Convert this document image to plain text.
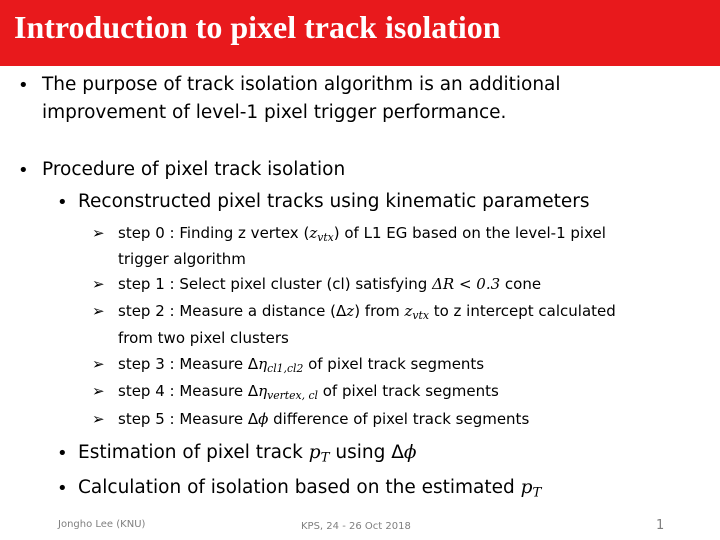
Introduction to pixel track isolation
• The purpose of track isolation algorithm is an additional
improvement of level-1 pixel trigger performance.
• Procedure of pixel track isolation
• Reconstructed pixel tracks using kinematic parameters
➢ step 0 : Finding z vertex $(z_{vtx})$ of L1 EG based on the level-1 pixel
trigger algorithm
➢ step 1 : Select pixel cluster (cl) satisfying ΔR < 0.3 cone
➢ step 2 : Measure a distance (Δz) from $z_{vtx}$ to z intercept calculated
from two pixel clusters
➢ step 3 : Measure $\Delta\eta_{cl1,cl2}$ of pixel track segments
➢ step 4 : Measure $\Delta\eta_{vertex, cl}$ of pixel track segments
➢ step 5 : Measure Δϕ difference of pixel track segments
• Estimation of pixel track $p_T$ using Δϕ
• Calculation of isolation based on the estimated $p_T$
Jongho Lee (KNU)	KPS, 24 - 26 Oct 2018	1
